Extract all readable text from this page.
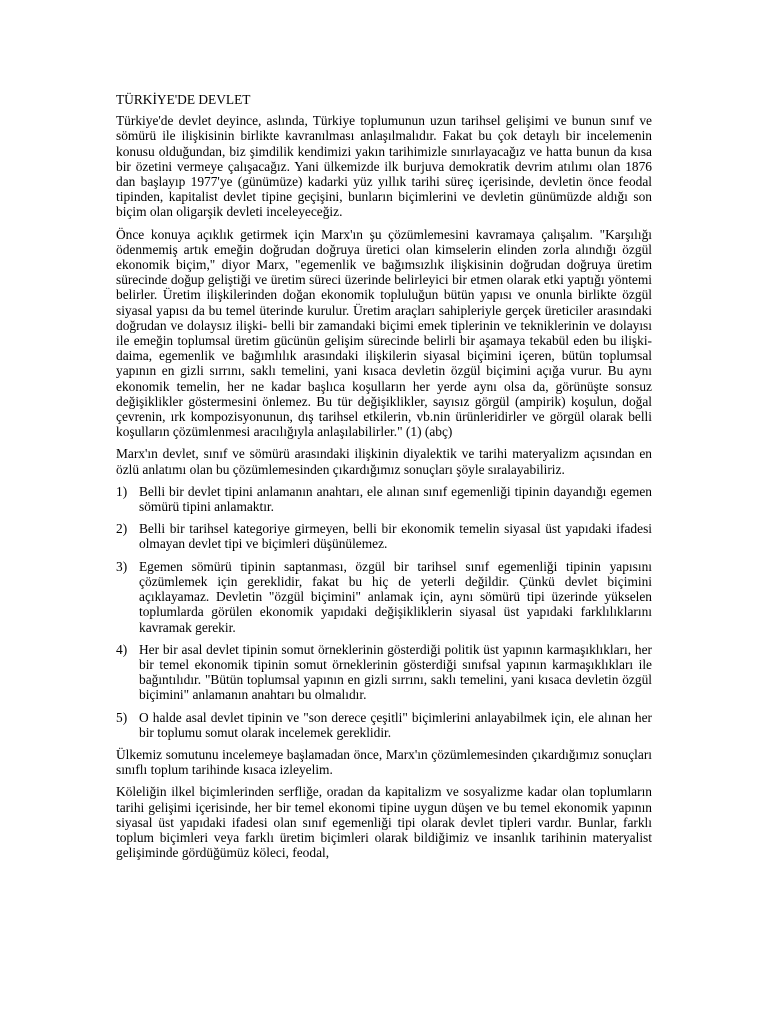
TÜRKİYE'DE DEVLET

Türkiye'de devlet deyince, aslında, Türkiye toplumunun uzun tarihsel gelişimi ve bunun sınıf ve sömürü ile ilişkisinin birlikte kavranılması anlaşılmalıdır. Fakat bu çok detaylı bir incelemenin konusu olduğundan, biz şimdilik kendimizi yakın tarihimizle sınırlayacağız ve hatta bunun da kısa bir özetini vermeye çalışacağız. Yani ülkemizde ilk burjuva demokratik devrim atılımı olan 1876 dan başlayıp 1977'ye (günümüze) kadarki yüz yıllık tarihi süreç içerisinde, devletin önce feodal tipinden, kapitalist devlet tipine geçişini, bunların biçimlerini ve devletin günümüzde aldığı son biçim olan oligarşik devleti inceleyeceğiz.

Önce konuya açıklık getirmek için Marx'ın şu çözümlemesini kavramaya çalışalım. "Karşılığı ödenmemiş artık emeğin doğrudan doğruya üretici olan kimselerin elinden zorla alındığı özgül ekonomik biçim," diyor Marx, "egemenlik ve bağımsızlık ilişkisinin doğrudan doğruya üretim sürecinde doğup geliştiği ve üretim süreci üzerinde belirleyici bir etmen olarak etki yaptığı yöntemi belirler. Üretim ilişkilerinden doğan ekonomik topluluğun bütün yapısı ve onunla birlikte özgül siyasal yapısı da bu temel üterinde kurulur. Üretim araçları sahipleriyle gerçek üreticiler arasındaki doğrudan ve dolaysız ilişki- belli bir zamandaki biçimi emek tiplerinin ve tekniklerinin ve dolayısı ile emeğin toplumsal üretim gücünün gelişim sürecinde belirli bir aşamaya tekabül eden bu ilişki- daima, egemenlik ve bağımlılık arasındaki ilişkilerin siyasal biçimini içeren, bütün toplumsal yapının en gizli sırrını, saklı temelini, yani kısaca devletin özgül biçimini açığa vurur. Bu aynı ekonomik temelin, her ne kadar başlıca koşulların her yerde aynı olsa da, görünüşte sonsuz değişiklikler göstermesini önlemez. Bu tür değişiklikler, sayısız görgül (ampirik) koşulun, doğal çevrenin, ırk kompozisyonunun, dış tarihsel etkilerin, vb.nin ürünleridirler ve görgül olarak belli koşulların çözümlenmesi aracılığıyla anlaşılabilirler." (1) (abç)

Marx'ın devlet, sınıf ve sömürü arasındaki ilişkinin diyalektik ve tarihi materyalizm açısından en özlü anlatımı olan bu çözümlemesinden çıkardığımız sonuçları şöyle sıralayabiliriz.

1) Belli bir devlet tipini anlamanın anahtarı, ele alınan sınıf egemenliği tipinin dayandığı egemen sömürü tipini anlamaktır.
2) Belli bir tarihsel kategoriye girmeyen, belli bir ekonomik temelin siyasal üst yapıdaki ifadesi olmayan devlet tipi ve biçimleri düşünülemez.
3) Egemen sömürü tipinin saptanması, özgül bir tarihsel sınıf egemenliği tipinin yapısını çözümlemek için gereklidir, fakat bu hiç de yeterli değildir. Çünkü devlet biçimini açıklayamaz. Devletin "özgül biçimini" anlamak için, aynı sömürü tipi üzerinde yükselen toplumlarda görülen ekonomik yapıdaki değişikliklerin siyasal üst yapıdaki farklılıklarını kavramak gerekir.
4) Her bir asal devlet tipinin somut örneklerinin gösterdiği politik üst yapının karmaşıklıkları, her bir temel ekonomik tipinin somut örneklerinin gösterdiği sınıfsal yapının karmaşıklıkları ile bağıntılıdır. "Bütün toplumsal yapının en gizli sırrını, saklı temelini, yani kısaca devletin özgül biçimini" anlamanın anahtarı bu olmalıdır.
5) O halde asal devlet tipinin ve "son derece çeşitli" biçimlerini anlayabilmek için, ele alınan her bir toplumu somut olarak incelemek gereklidir.

Ülkemiz somutunu incelemeye başlamadan önce, Marx'ın çözümlemesinden çıkardığımız sonuçları sınıflı toplum tarihinde kısaca izleyelim.

Köleliğin ilkel biçimlerinden serfliğe, oradan da kapitalizm ve sosyalizme kadar olan toplumların tarihi gelişimi içerisinde, her bir temel ekonomi tipine uygun düşen ve bu temel ekonomik yapının siyasal üst yapıdaki ifadesi olan sınıf egemenliği tipi olarak devlet tipleri vardır. Bunlar, farklı toplum biçimleri veya farklı üretim biçimleri olarak bildiğimiz ve insanlık tarihinin materyalist gelişiminde gördüğümüz köleci, feodal,
